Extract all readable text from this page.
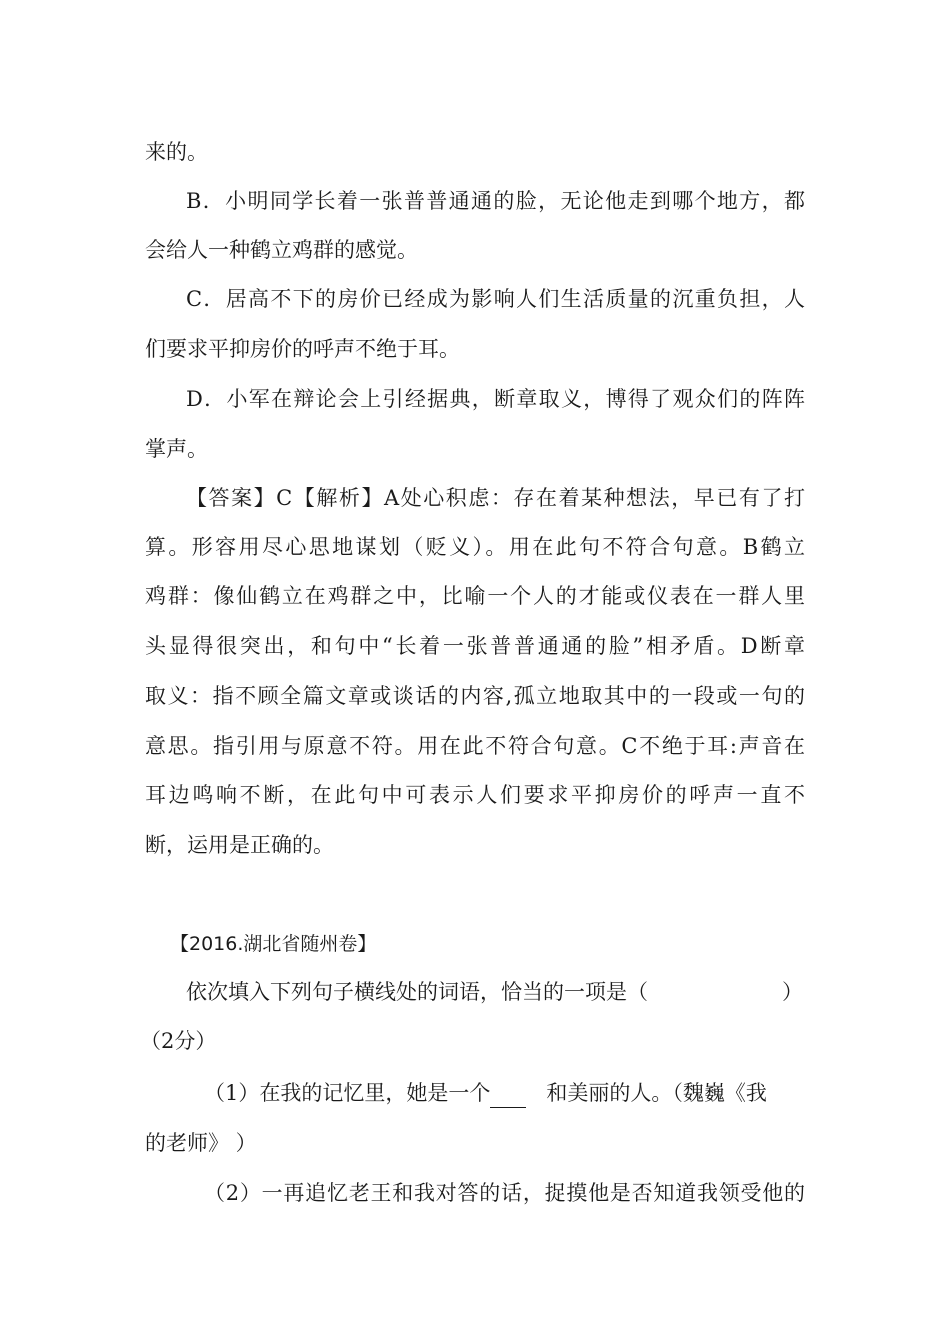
来的。

B．小明同学长着一张普普通通的脸，无论他走到哪个地方，都

会给人一种鹤立鸡群的感觉。

C．居高不下的房价已经成为影响人们生活质量的沉重负担，人

们要求平抑房价的呼声不绝于耳。

D．小军在辩论会上引经据典，断章取义，博得了观众们的阵阵

掌声。

【答案】C【解析】A处心积虑：存在着某种想法，早已有了打

算。形容用尽心思地谋划（贬义）。用在此句不符合句意。B鹤立

鸡群：像仙鹤立在鸡群之中，比喻一个人的才能或仪表在一群人里

头显得很突出，和句中“长着一张普普通通的脸”相矛盾。D断章

取义：指不顾全篇文章或谈话的内容,孤立地取其中的一段或一句的

意思。指引用与原意不符。用在此不符合句意。C不绝于耳:声音在

耳边鸣响不断，在此句中可表示人们要求平抑房价的呼声一直不

断，运用是正确的。

【2016.湖北省随州卷】

依次填入下列句子横线处的词语，恰当的一项是（	）

（2分）

（1）在我的记忆里，她是一个	和美丽的人。（魏巍《我

的老师》 ）

（2）一再追忆老王和我对答的话，捉摸他是否知道我领受他的
